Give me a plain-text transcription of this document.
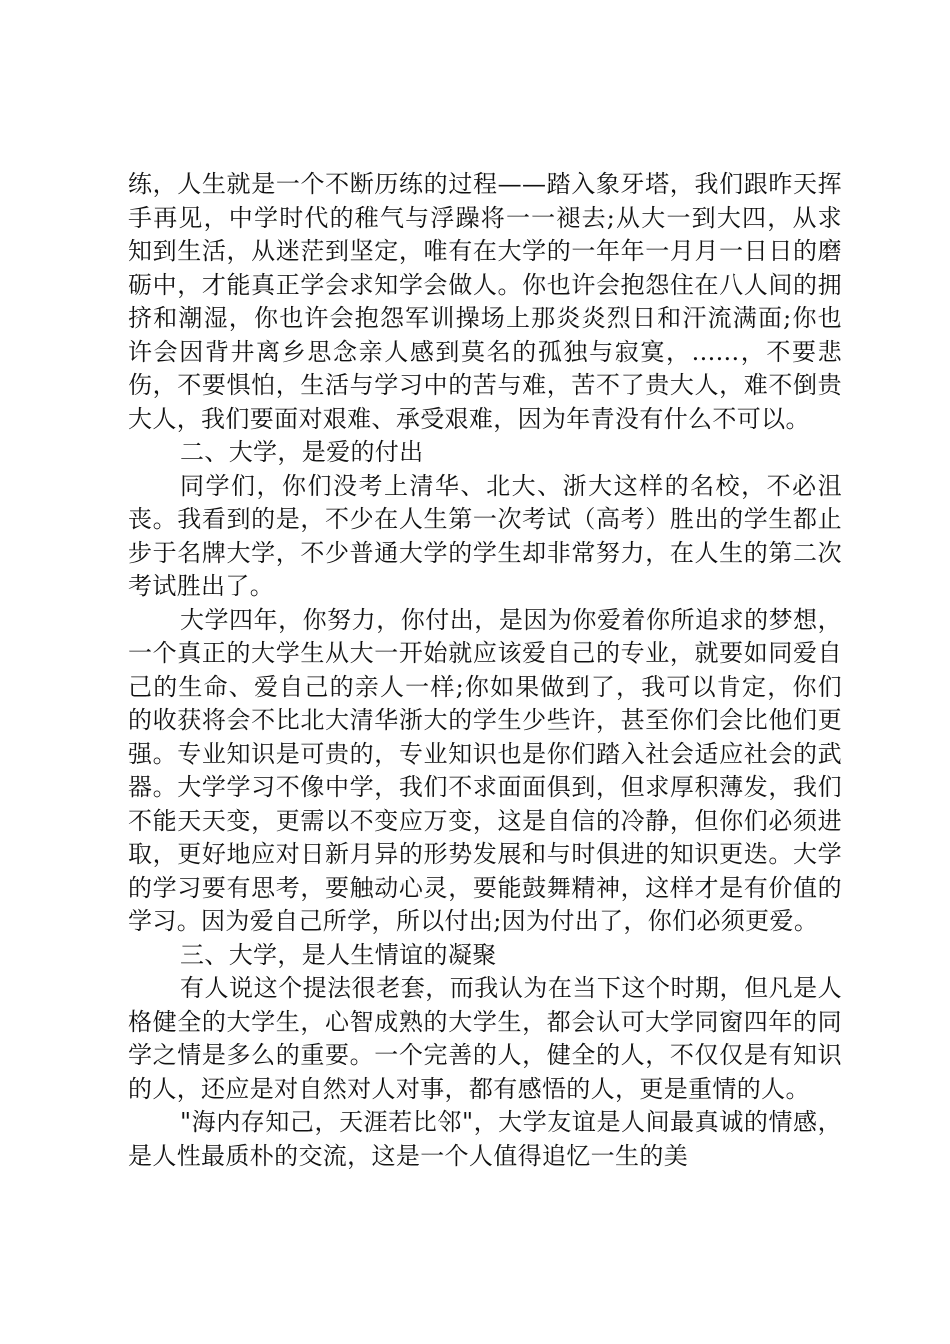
练，人生就是一个不断历练的过程——踏入象牙塔，我们跟昨天挥手再见，中学时代的稚气与浮躁将一一褪去;从大一到大四，从求知到生活，从迷茫到坚定，唯有在大学的一年年一月月一日日的磨砺中，才能真正学会求知学会做人。你也许会抱怨住在八人间的拥挤和潮湿，你也许会抱怨军训操场上那炎炎烈日和汗流满面;你也许会因背井离乡思念亲人感到莫名的孤独与寂寞，......，不要悲伤，不要惧怕，生活与学习中的苦与难，苦不了贵大人，难不倒贵大人，我们要面对艰难、承受艰难，因为年青没有什么不可以。

二、大学，是爱的付出

同学们，你们没考上清华、北大、浙大这样的名校，不必沮丧。我看到的是，不少在人生第一次考试（高考）胜出的学生都止步于名牌大学，不少普通大学的学生却非常努力，在人生的第二次考试胜出了。

大学四年，你努力，你付出，是因为你爱着你所追求的梦想，一个真正的大学生从大一开始就应该爱自己的专业，就要如同爱自己的生命、爱自己的亲人一样;你如果做到了，我可以肯定，你们的收获将会不比北大清华浙大的学生少些许，甚至你们会比他们更强。专业知识是可贵的，专业知识也是你们踏入社会适应社会的武器。大学学习不像中学，我们不求面面俱到，但求厚积薄发，我们不能天天变，更需以不变应万变，这是自信的冷静，但你们必须进取，更好地应对日新月异的形势发展和与时俱进的知识更迭。大学的学习要有思考，要触动心灵，要能鼓舞精神，这样才是有价值的学习。因为爱自己所学，所以付出;因为付出了，你们必须更爱。

三、大学，是人生情谊的凝聚

有人说这个提法很老套，而我认为在当下这个时期，但凡是人格健全的大学生，心智成熟的大学生，都会认可大学同窗四年的同学之情是多么的重要。一个完善的人，健全的人，不仅仅是有知识的人，还应是对自然对人对事，都有感悟的人，更是重情的人。

"海内存知己，天涯若比邻"，大学友谊是人间最真诚的情感，是人性最质朴的交流，这是一个人值得追忆一生的美
